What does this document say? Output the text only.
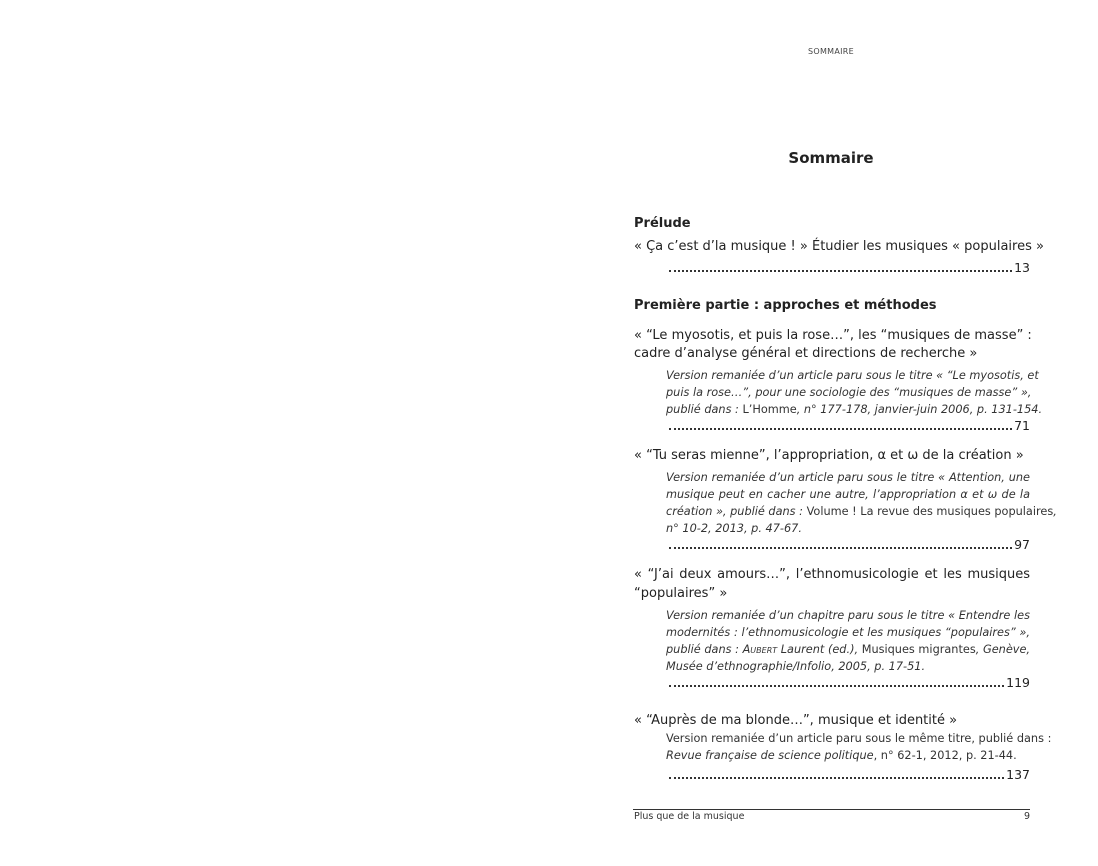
SOMMAIRE
Sommaire
Prélude
« Ça c’est d’la musique ! » Étudier les musiques « populaires »
13
Première partie : approches et méthodes
« “Le myosotis, et puis la rose…”, les “musiques de masse” :
cadre d’analyse général et directions de recherche »
Version remaniée d’un article paru sous le titre « “Le myosotis, et
puis la rose…”, pour une sociologie des “musiques de masse” »,
publié dans : L’Homme, n° 177-178, janvier-juin 2006, p. 131-154.
71
« “Tu seras mienne”, l’appropriation, α et ω de la création »
Version remaniée d’un article paru sous le titre « Attention, une
musique peut en cacher une autre, l’appropriation α et ω de la
création », publié dans : Volume ! La revue des musiques populaires,
n° 10-2, 2013, p. 47-67.
97
« “J’ai deux amours…”, l’ethnomusicologie et les musiques
“populaires” »
Version remaniée d’un chapitre paru sous le titre « Entendre les
modernités : l’ethnomusicologie et les musiques “populaires” »,
publié dans : Aubert Laurent (ed.), Musiques migrantes, Genève,
Musée d’ethnographie/Infolio, 2005, p. 17-51.
119
« “Auprès de ma blonde…”, musique et identité »
Version remaniée d’un article paru sous le même titre, publié dans :
Revue française de science politique, n° 62-1, 2012, p. 21-44.
137
Plus que de la musique	9
